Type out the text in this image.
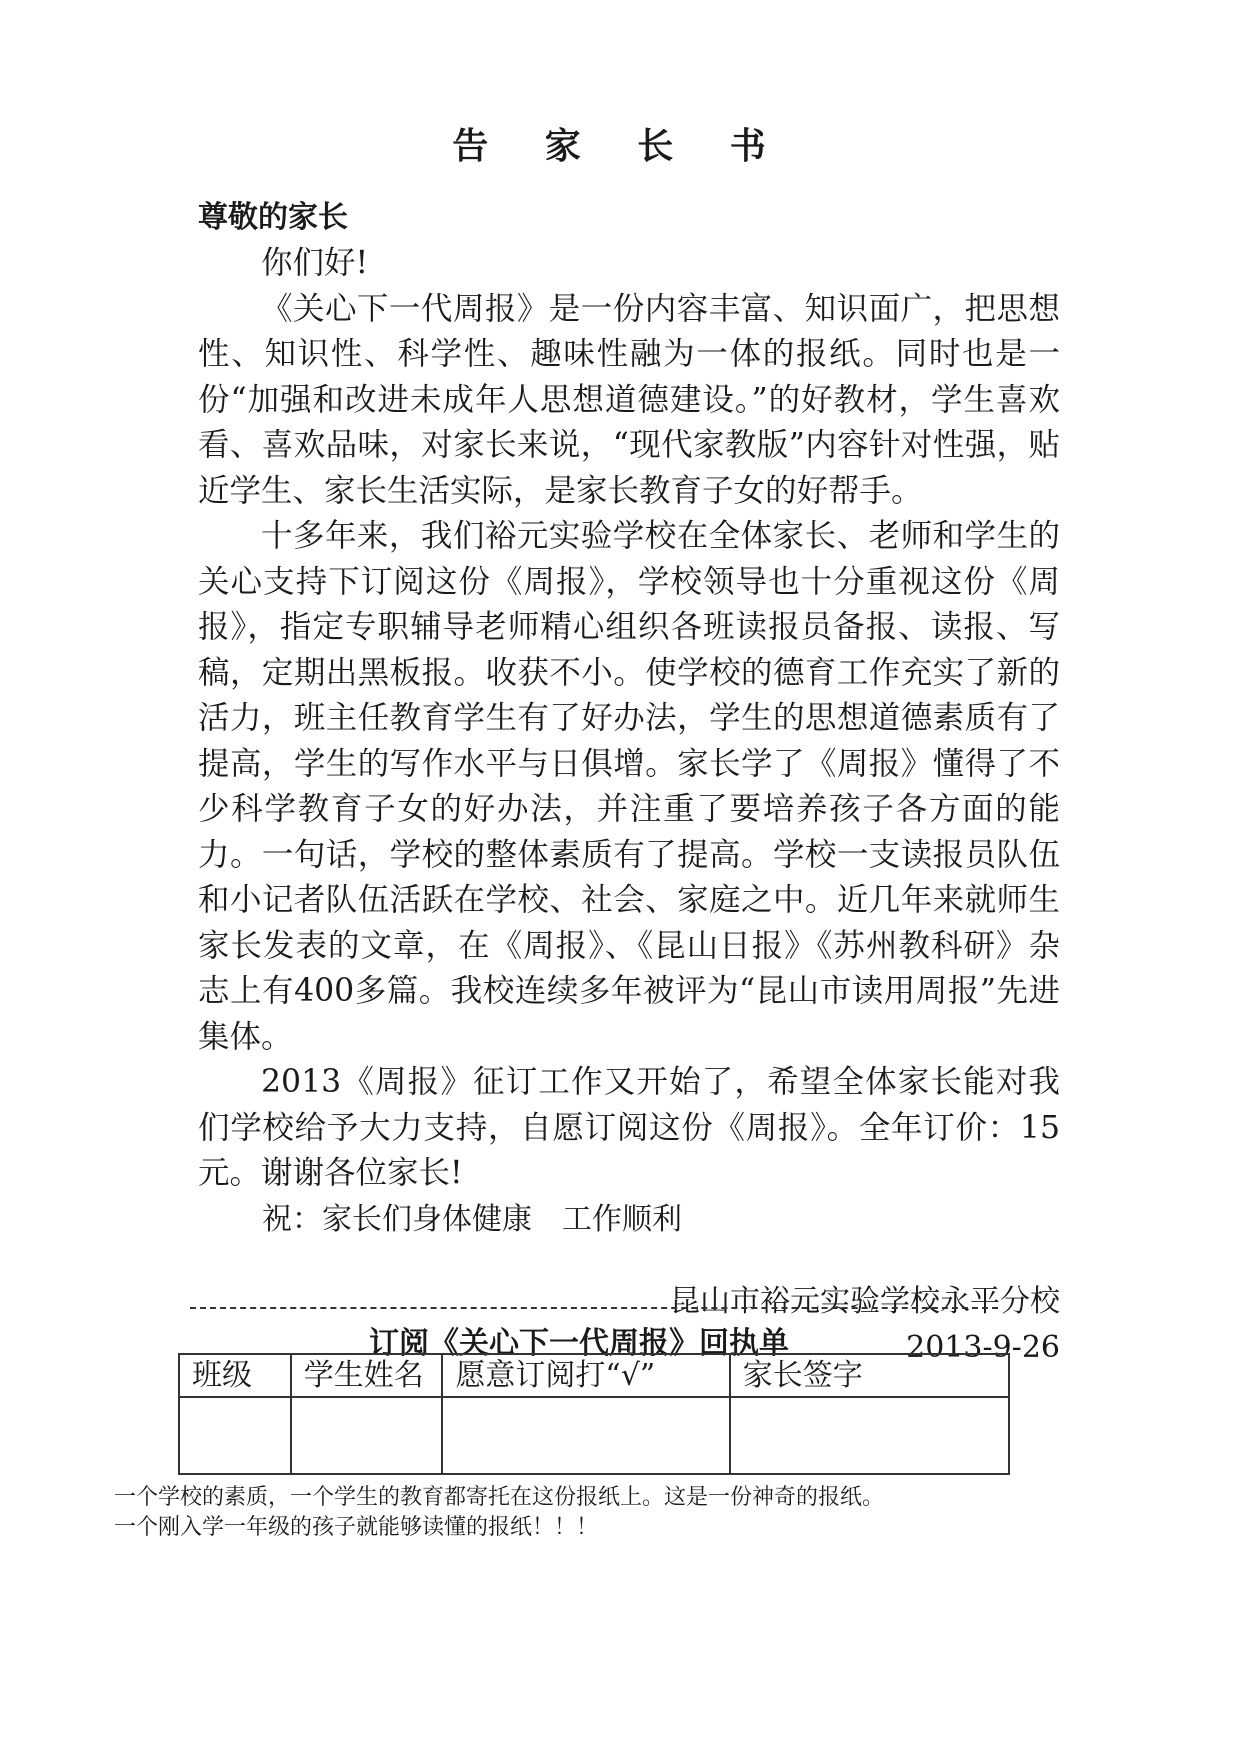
告 家 长 书

尊敬的家长

你们好!

《关心下一代周报》是一份内容丰富、知识面广，把思想性、知识性、科学性、趣味性融为一体的报纸。同时也是一份“加强和改进未成年人思想道德建设。”的好教材，学生喜欢看、喜欢品味，对家长来说，“现代家教版”内容针对性强，贴近学生、家长生活实际，是家长教育子女的好帮手。

十多年来，我们裕元实验学校在全体家长、老师和学生的关心支持下订阅这份《周报》，学校领导也十分重视这份《周报》，指定专职辅导老师精心组织各班读报员备报、读报、写稿，定期出黑板报。收获不小。使学校的德育工作充实了新的活力，班主任教育学生有了好办法，学生的思想道德素质有了提高，学生的写作水平与日俱增。家长学了《周报》懂得了不少科学教育子女的好办法，并注重了要培养孩子各方面的能力。一句话，学校的整体素质有了提高。学校一支读报员队伍和小记者队伍活跃在学校、社会、家庭之中。近几年来就师生家长发表的文章，在《周报》、《昆山日报》《苏州教科研》杂志上有400多篇。我校连续多年被评为“昆山市读用周报”先进集体。

2013《周报》征订工作又开始了，希望全体家长能对我们学校给予大力支持，自愿订阅这份《周报》。全年订价：15元。谢谢各位家长!

祝：家长们身体健康　工作顺利

昆山市裕元实验学校永平分校
2013-9-26
订阅《关心下一代周报》回执单
班级	学生姓名	愿意订阅打“√”	家长签字

一个学校的素质，一个学生的教育都寄托在这份报纸上。这是一份神奇的报纸。

一个刚入学一年级的孩子就能够读懂的报纸！！！
